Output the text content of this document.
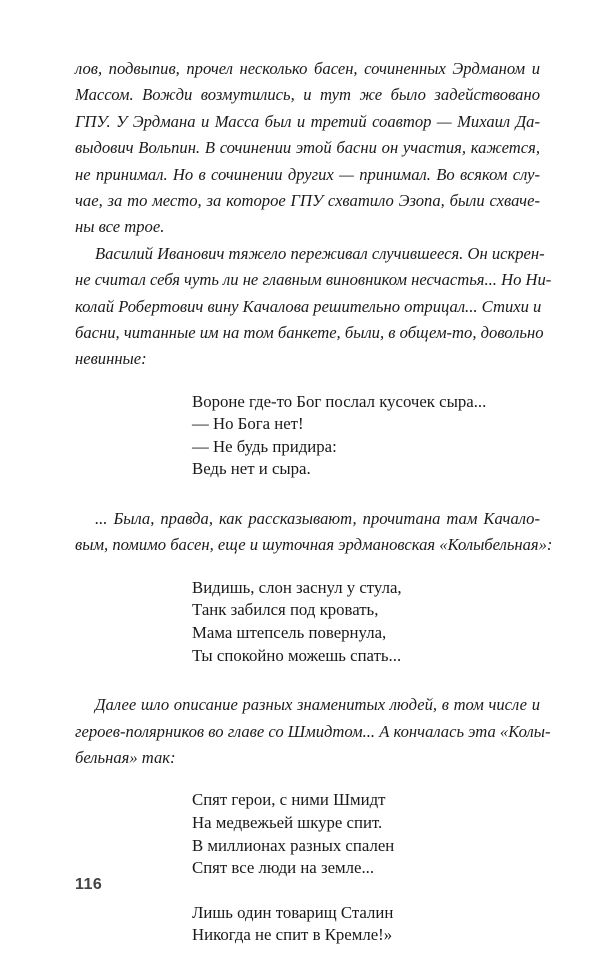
лов, подвыпив, прочел несколько басен, сочиненных Эрдманом и
Массом. Вожди возмутились, и тут же было задействовано
ГПУ. У Эрдмана и Масса был и третий соавтор — Михаил Да-
выдович Вольпин. В сочинении этой басни он участия, кажется,
не принимал. Но в сочинении других — принимал. Во всяком слу-
чае, за то место, за которое ГПУ схватило Эзопа, были схваче-
ны все трое.
Василий Иванович тяжело переживал случившееся. Он искрен-
не считал себя чуть ли не главным виновником несчастья... Но Ни-
колай Робертович вину Качалова решительно отрицал... Стихи и
басни, читанные им на том банкете, были, в общем-то, довольно
невинные:
Вороне где-то Бог послал кусочек сыра...
— Но Бога нет!
— Не будь придира:
Ведь нет и сыра.
... Была, правда, как рассказывают, прочитана там Качало-
вым, помимо басен, еще и шуточная эрдмановская «Колыбельная»:
Видишь, слон заснул у стула,
Танк забился под кровать,
Мама штепсель повернула,
Ты спокойно можешь спать...
Далее шло описание разных знаменитых людей, в том числе и
героев-полярников во главе со Шмидтом... А кончалась эта «Колы-
бельная» так:
Спят герои, с ними Шмидт
На медвежьей шкуре спит.
В миллионах разных спален
Спят все люди на земле...
Лишь один товарищ Сталин
Никогда не спит в Кремле!»
116
